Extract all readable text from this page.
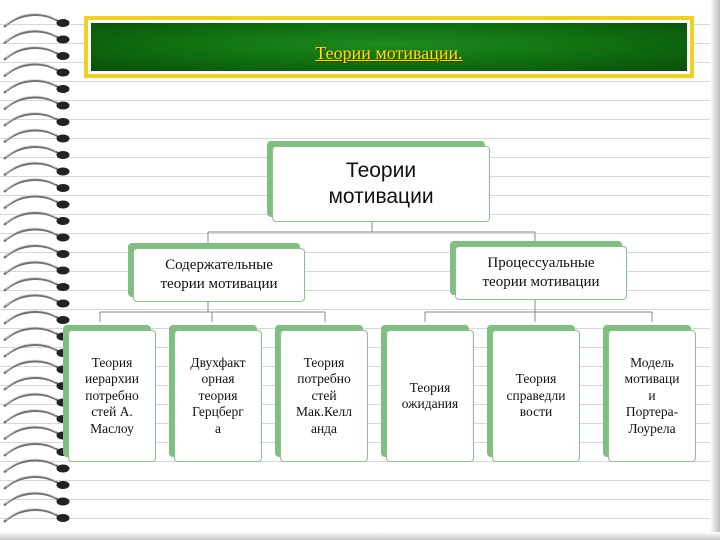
Теории мотивации.
Теории
мотивации
Содержательные
теории мотивации
Процессуальные
теории мотивации
Теория
иерархии
потребно
стей А.
Маслоу
Двухфакт
орная
теория
Герцберг
а
Теория
потребно
стей
Мак.Келл
анда
Теория
ожидания
Теория
справедли
вости
Модель
мотиваци
и
Портера-
Лоурела
